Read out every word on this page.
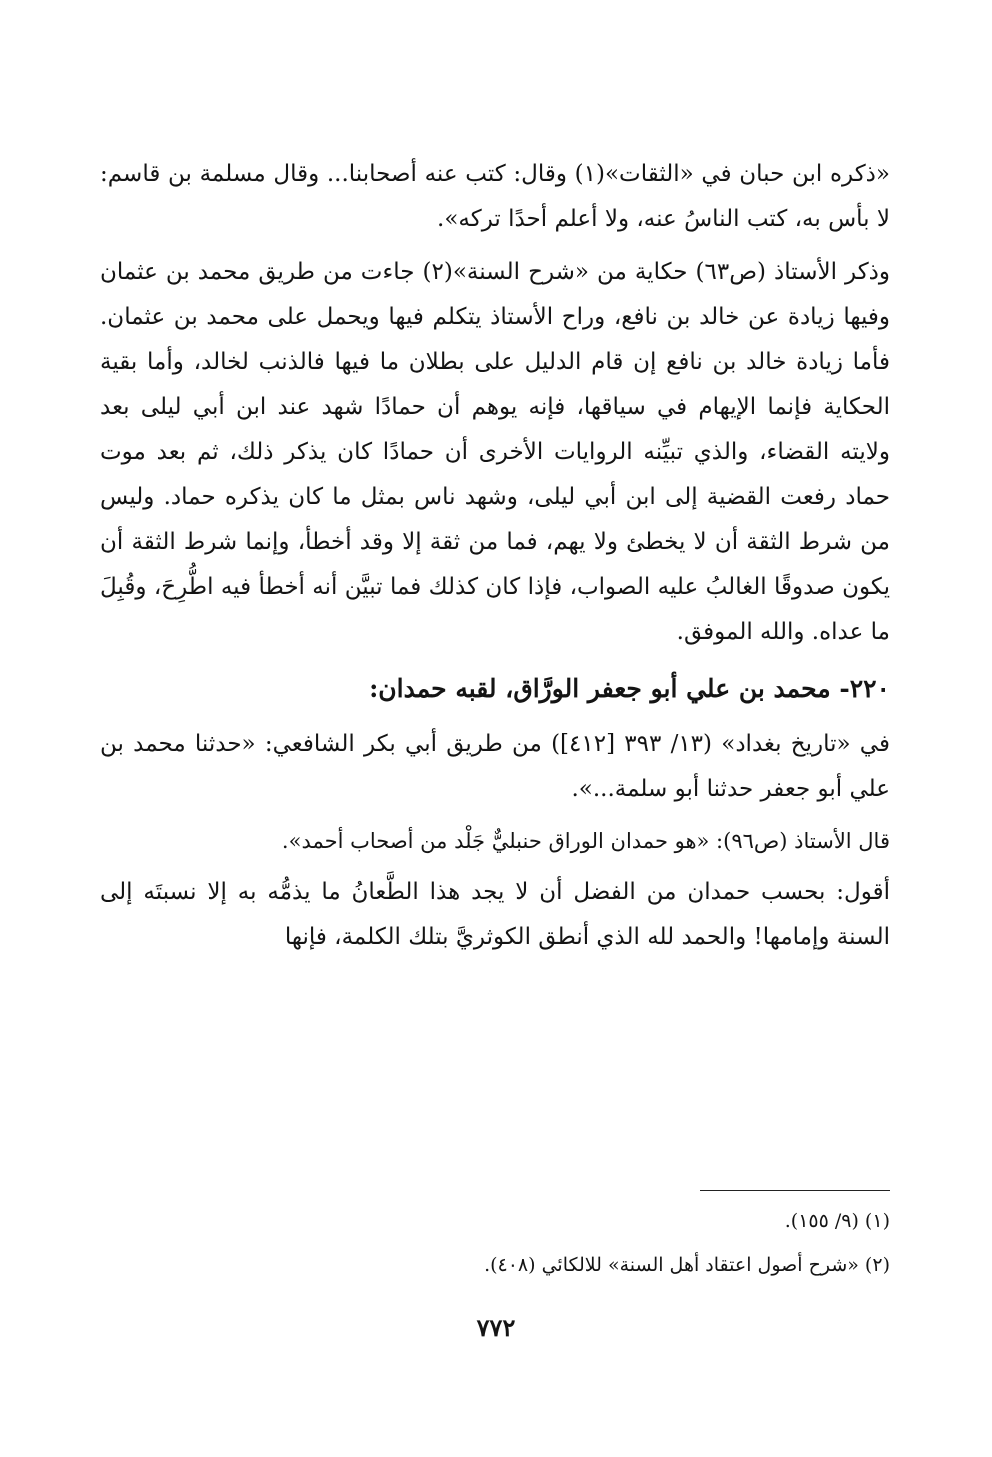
«ذكره ابن حبان في «الثقات»(١) وقال: كتب عنه أصحابنا... وقال مسلمة بن قاسم: لا بأس به، كتب الناسُ عنه، ولا أعلم أحدًا تركه».

وذكر الأستاذ (ص٦٣) حكاية من «شرح السنة»(٢) جاءت من طريق محمد بن عثمان وفيها زيادة عن خالد بن نافع، وراح الأستاذ يتكلم فيها ويحمل على محمد بن عثمان. فأما زيادة خالد بن نافع إن قام الدليل على بطلان ما فيها فالذنب لخالد، وأما بقية الحكاية فإنما الإيهام في سياقها، فإنه يوهم أن حمادًا شهد عند ابن أبي ليلى بعد ولايته القضاء، والذي تبيِّنه الروايات الأخرى أن حمادًا كان يذكر ذلك، ثم بعد موت حماد رفعت القضية إلى ابن أبي ليلى، وشهد ناس بمثل ما كان يذكره حماد. وليس من شرط الثقة أن لا يخطئ ولا يهم، فما من ثقة إلا وقد أخطأ، وإنما شرط الثقة أن يكون صدوقًا الغالبُ عليه الصواب، فإذا كان كذلك فما تبيَّن أنه أخطأ فيه اطُّرِحَ، وقُبِلَ ما عداه. والله الموفق.

٢٢٠- محمد بن علي أبو جعفر الورَّاق، لقبه حمدان:

في «تاريخ بغداد» (١٣/ ٣٩٣ [٤١٢]) من طريق أبي بكر الشافعي: «حدثنا محمد بن علي أبو جعفر حدثنا أبو سلمة...».

قال الأستاذ (ص٩٦): «هو حمدان الوراق حنبليٌّ جَلْد من أصحاب أحمد».

أقول: بحسب حمدان من الفضل أن لا يجد هذا الطَّعانُ ما يذمُّه به إلا نسبتَه إلى السنة وإمامها! والحمد لله الذي أنطق الكوثريَّ بتلك الكلمة، فإنها

(١) (٩/ ١٥٥).
(٢) «شرح أصول اعتقاد أهل السنة» للالكائي (٤٠٨).
٧٧٢
